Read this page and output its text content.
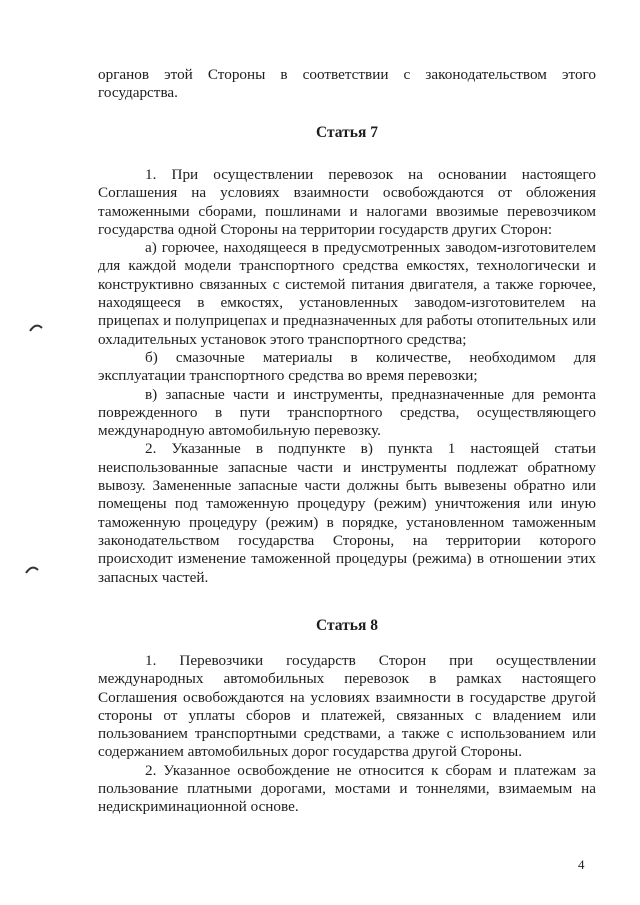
органов этой Стороны в соответствии с законодательством этого государства.

Статья 7

1. При осуществлении перевозок на основании настоящего Соглашения на условиях взаимности освобождаются от обложения таможенными сборами, пошлинами и налогами ввозимые перевозчиком государства одной Стороны на территории государств других Сторон:

а) горючее, находящееся в предусмотренных заводом-изготовителем для каждой модели транспортного средства емкостях, технологически и конструктивно связанных с системой питания двигателя, а также горючее, находящееся в емкостях, установленных заводом-изготовителем на прицепах и полуприцепах и предназначенных для работы отопительных или охладительных установок этого транспортного средства;

б) смазочные материалы в количестве, необходимом для эксплуатации транспортного средства во время перевозки;

в) запасные части и инструменты, предназначенные для ремонта поврежденного в пути транспортного средства, осуществляющего международную автомобильную перевозку.

2. Указанные в подпункте в) пункта 1 настоящей статьи неиспользованные запасные части и инструменты подлежат обратному вывозу. Замененные запасные части должны быть вывезены обратно или помещены под таможенную процедуру (режим) уничтожения или иную таможенную процедуру (режим) в порядке, установленном таможенным законодательством государства Стороны, на территории которого происходит изменение таможенной процедуры (режима) в отношении этих запасных частей.

Статья 8

1. Перевозчики государств Сторон при осуществлении международных автомобильных перевозок в рамках настоящего Соглашения освобождаются на условиях взаимности в государстве другой стороны от уплаты сборов и платежей, связанных с владением или пользованием транспортными средствами, а также с использованием или содержанием автомобильных дорог государства другой Стороны.

2. Указанное освобождение не относится к сборам и платежам за пользование платными дорогами, мостами и тоннелями, взимаемым на недискриминационной основе.

4
